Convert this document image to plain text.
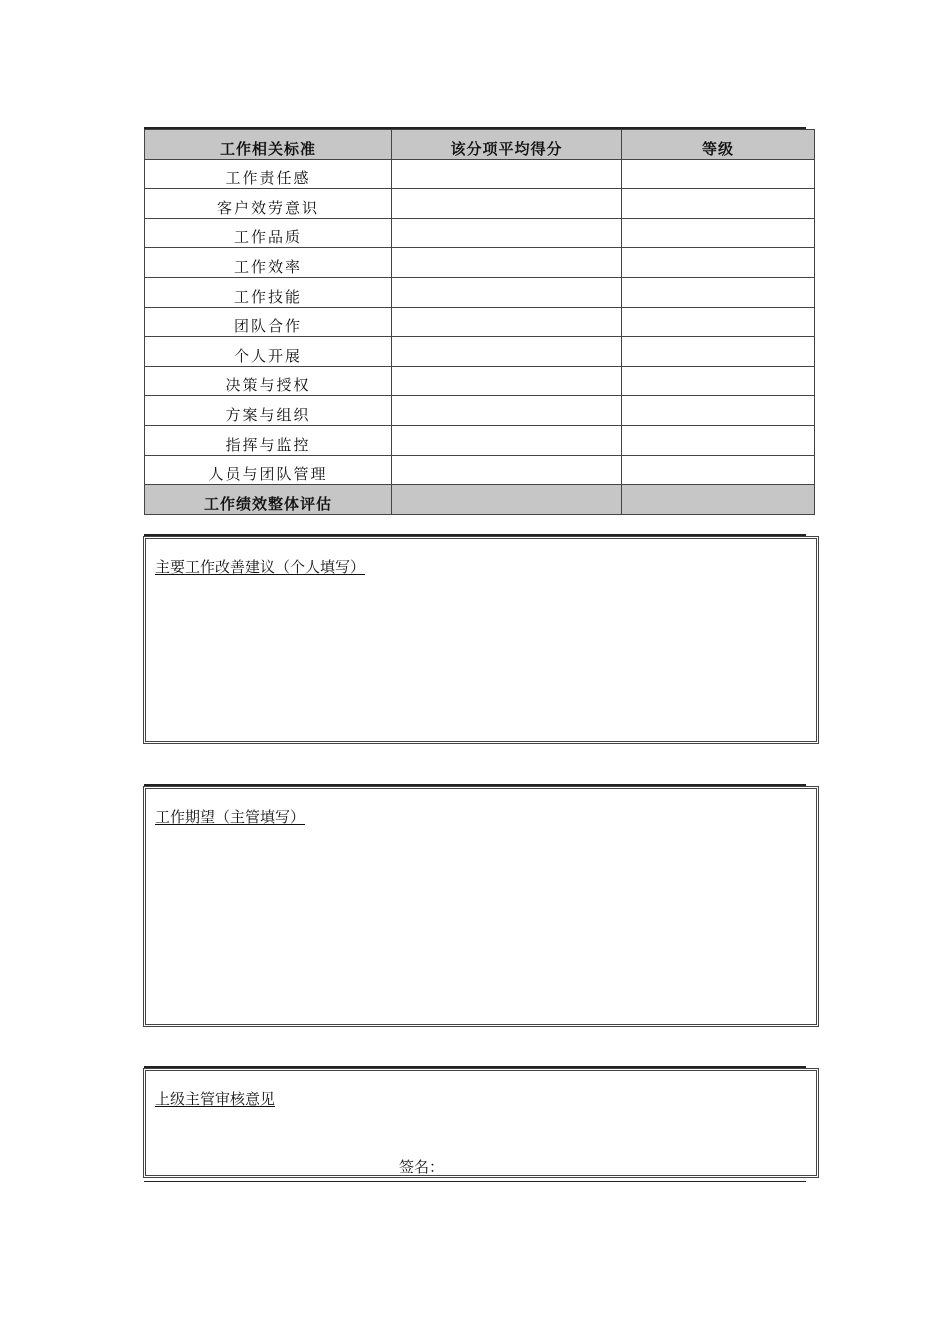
工作相关标准	该分项平均得分	等级
工作责任感		
客户效劳意识		
工作品质		
工作效率		
工作技能		
团队合作		
个人开展		
决策与授权		
方案与组织		
指挥与监控		
人员与团队管理		
工作绩效整体评估		
主要工作改善建议（个人填写）
工作期望（主管填写）
上级主管审核意见
签名：
